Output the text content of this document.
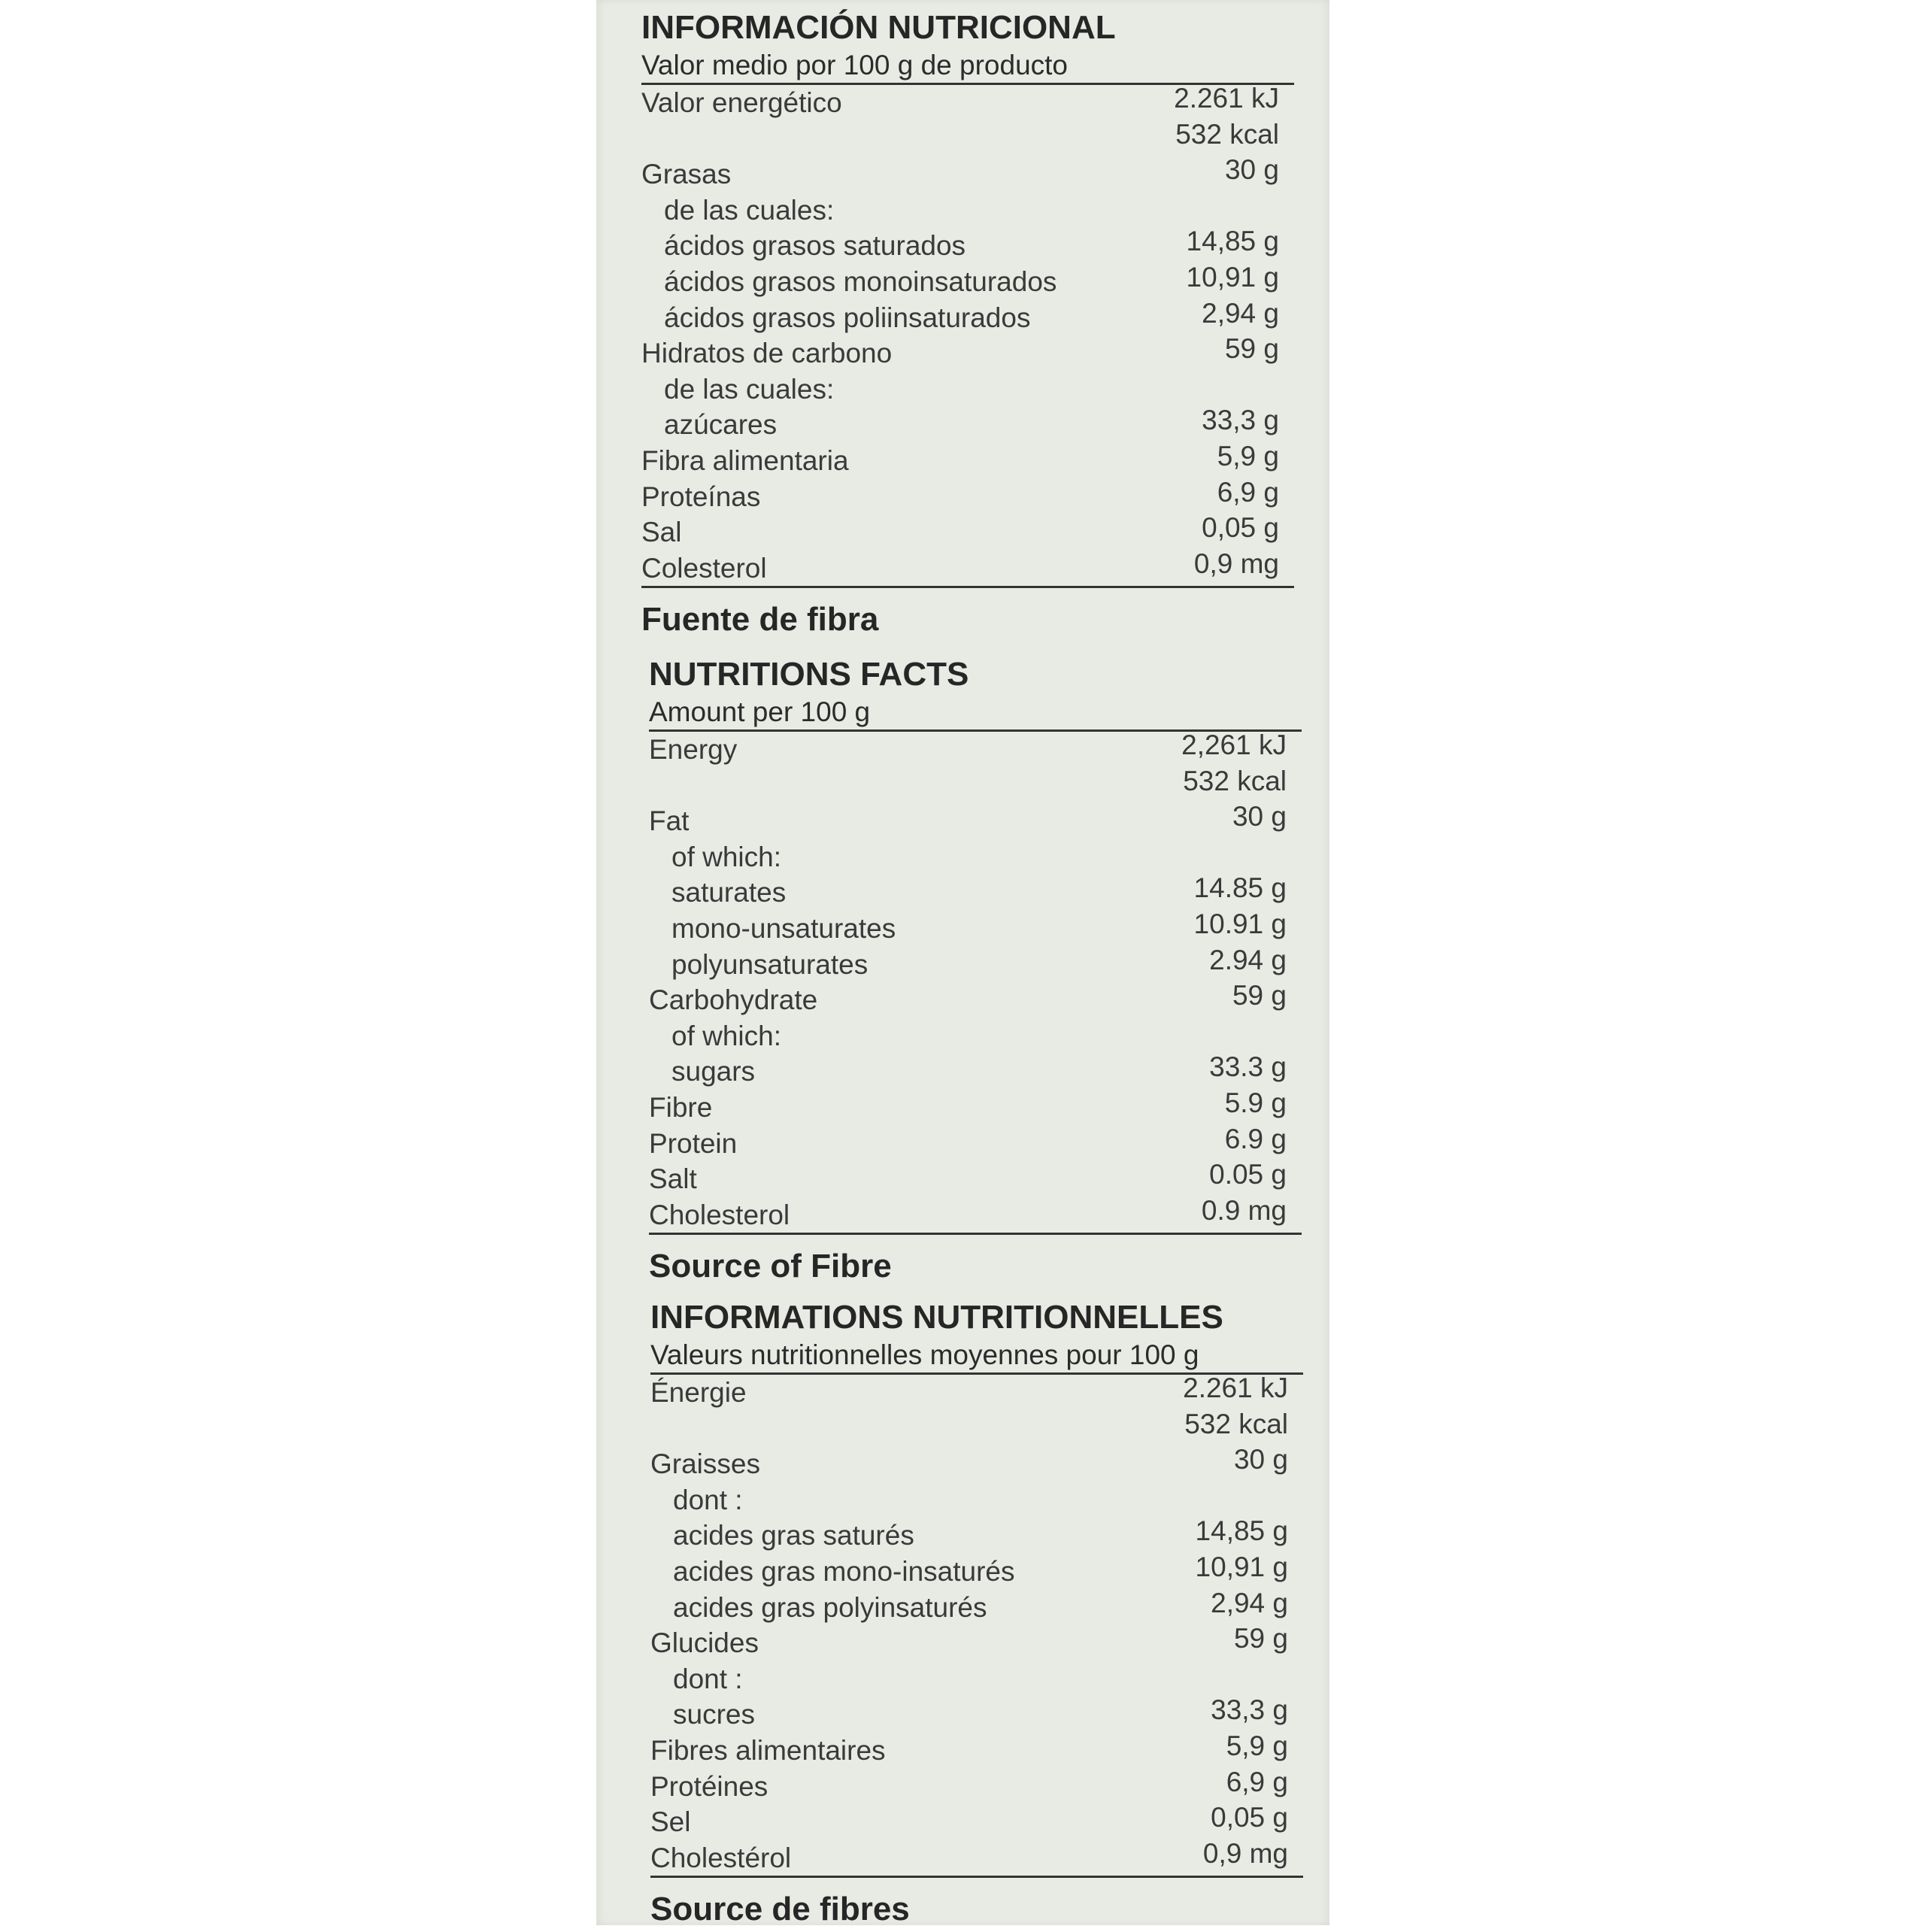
INFORMACIÓN NUTRICIONAL
Valor medio por 100 g de producto
Valor energético	2.261 kJ
532 kcal
Grasas	30 g
de las cuales:
ácidos grasos saturados	14,85 g
ácidos grasos monoinsaturados	10,91 g
ácidos grasos poliinsaturados	2,94 g
Hidratos de carbono	59 g
de las cuales:
azúcares	33,3 g
Fibra alimentaria	5,9 g
Proteínas	6,9 g
Sal	0,05 g
Colesterol	0,9 mg
Fuente de fibra
NUTRITIONS FACTS
Amount per 100 g
Energy	2,261 kJ
532 kcal
Fat	30 g
of which:
saturates	14.85 g
mono-unsaturates	10.91 g
polyunsaturates	2.94 g
Carbohydrate	59 g
of which:
sugars	33.3 g
Fibre	5.9 g
Protein	6.9 g
Salt	0.05 g
Cholesterol	0.9 mg
Source of Fibre
INFORMATIONS NUTRITIONNELLES
Valeurs nutritionnelles moyennes pour 100 g
Énergie	2.261 kJ
532 kcal
Graisses	30 g
dont :
acides gras saturés	14,85 g
acides gras mono-insaturés	10,91 g
acides gras polyinsaturés	2,94 g
Glucides	59 g
dont :
sucres	33,3 g
Fibres alimentaires	5,9 g
Protéines	6,9 g
Sel	0,05 g
Cholestérol	0,9 mg
Source de fibres
